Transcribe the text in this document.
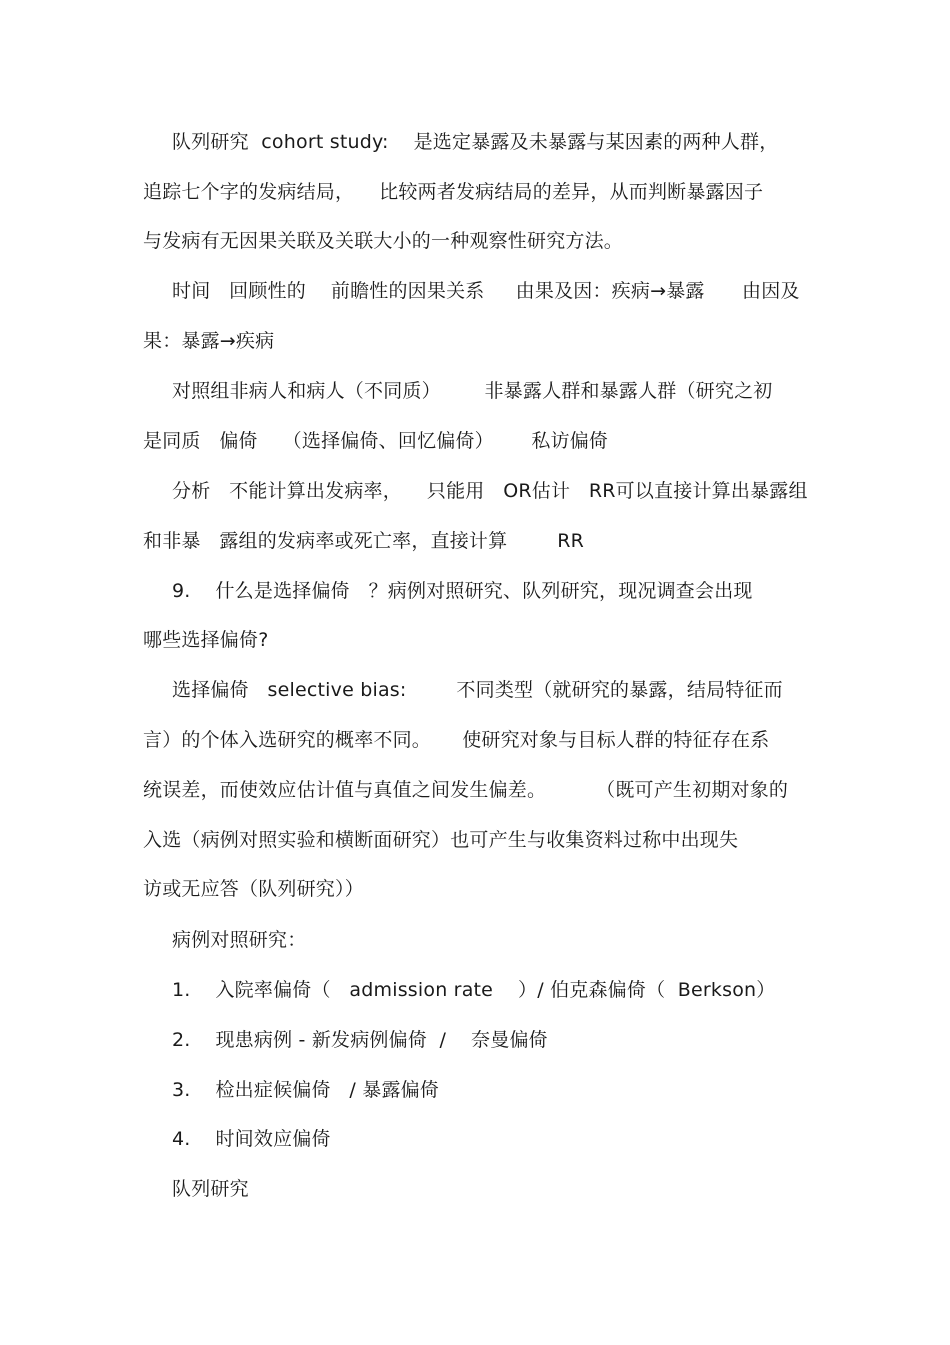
队列研究  cohort study:    是选定暴露及未暴露与某因素的两种人群，
追踪七个字的发病结局，    比较两者发病结局的差异，从而判断暴露因子
与发病有无因果关联及关联大小的一种观察性研究方法。
时间   回顾性的    前瞻性的因果关系     由果及因：疾病→暴露      由因及
果：暴露→疾病
对照组非病人和病人（不同质）       非暴露人群和暴露人群（研究之初
是同质   偏倚    （选择偏倚、回忆偏倚）      私访偏倚
分析   不能计算出发病率，    只能用   OR估计   RR可以直接计算出暴露组
和非暴   露组的发病率或死亡率，直接计算        RR
9.    什么是选择偏倚   ？病例对照研究、队列研究，现况调查会出现
哪些选择偏倚?
选择偏倚   selective bias:        不同类型（就研究的暴露，结局特征而
言）的个体入选研究的概率不同。     使研究对象与目标人群的特征存在系
统误差，而使效应估计值与真值之间发生偏差。        （既可产生初期对象的
入选（病例对照实验和横断面研究）也可产生与收集资料过称中出现失
访或无应答（队列研究））
病例对照研究：
1.    入院率偏倚（   admission rate    ）/ 伯克森偏倚（  Berkson）
2.    现患病例 - 新发病例偏倚  /    奈曼偏倚
3.    检出症候偏倚   / 暴露偏倚
4.    时间效应偏倚
队列研究
